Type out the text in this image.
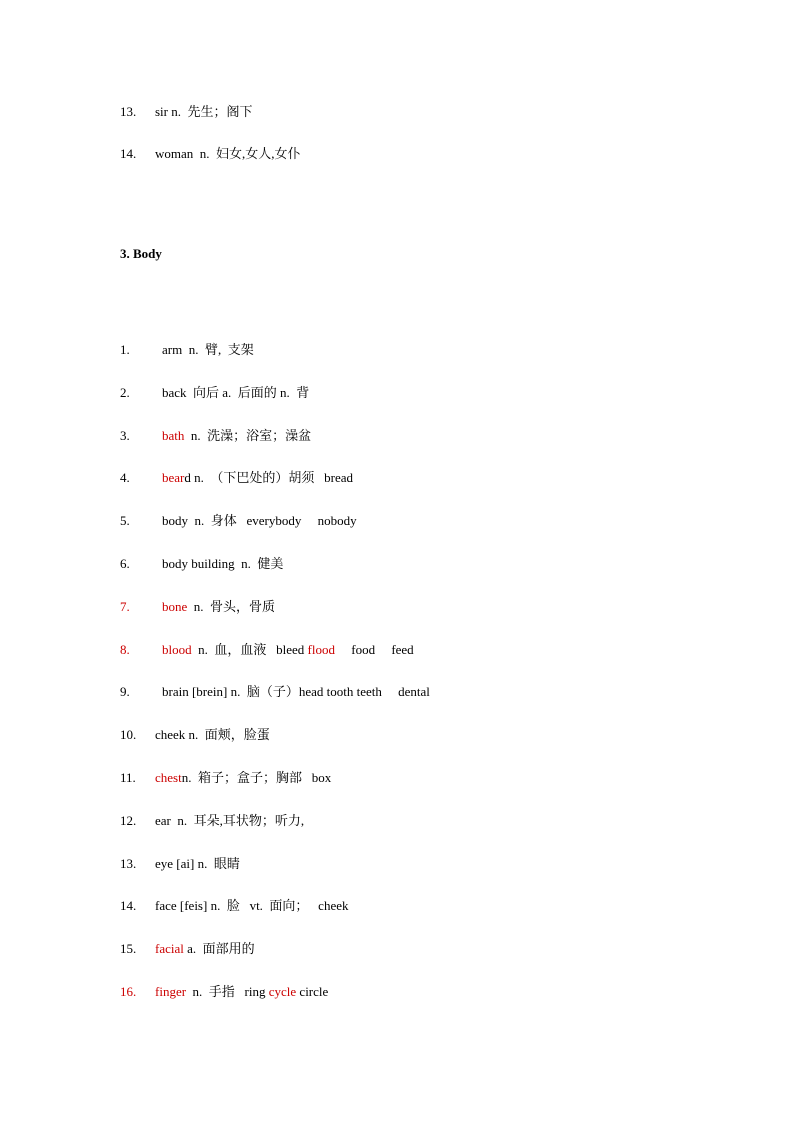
13. sir n.  先生；阁下
14. woman  n.  妇女,女人,女仆
3. Body
1. arm  n.  臂,  支架
2. back  向后 a.  后面的 n.  背
3. bath  n.  洗澡；浴室；澡盆
4. beard n.  （下巴处的）胡须   bread
5. body  n.  身体   everybody     nobody
6. body building  n.  健美
7. bone  n.  骨头，骨质
8. blood  n.  血，血液   bleed flood     food     feed
9. brain [brein] n.  脑（子）head tooth teeth     dental
10. cheek n.  面颊，脸蛋
11. chestn.  箱子；盒子；胸部   box
12. ear  n.  耳朵,耳状物；听力,
13. eye [ai] n.  眼睛
14. face [feis] n.  脸   vt.  面向；   cheek
15. facial a.  面部用的
16. finger  n.  手指   ring cycle circle
